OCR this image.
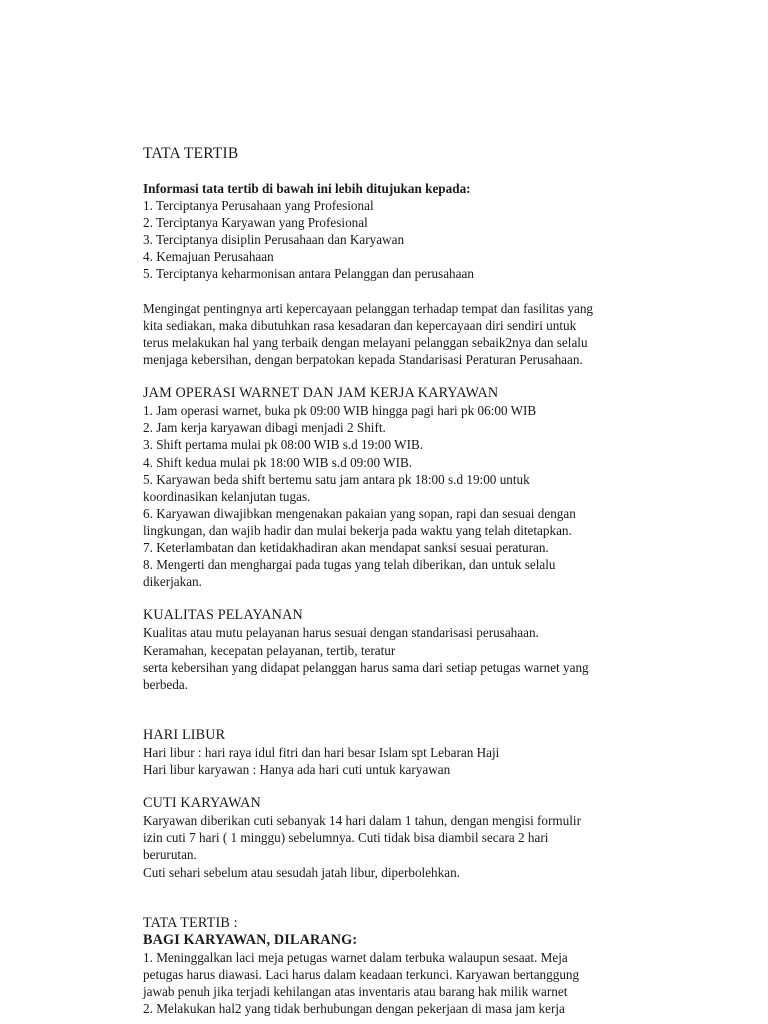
TATA TERTIB
Informasi tata tertib di bawah ini lebih ditujukan kepada:
1. Terciptanya Perusahaan yang Profesional
2. Terciptanya Karyawan yang Profesional
3. Terciptanya disiplin Perusahaan dan Karyawan
4. Kemajuan Perusahaan
5. Terciptanya keharmonisan antara Pelanggan dan perusahaan
Mengingat pentingnya arti kepercayaan pelanggan terhadap tempat dan fasilitas yang
kita sediakan, maka dibutuhkan rasa kesadaran dan kepercayaan diri sendiri untuk
terus melakukan hal yang terbaik dengan melayani pelanggan sebaik2nya dan selalu
menjaga kebersihan, dengan berpatokan kepada Standarisasi Peraturan Perusahaan.
JAM OPERASI WARNET DAN JAM KERJA KARYAWAN
1. Jam operasi warnet, buka pk 09:00 WIB hingga pagi hari pk 06:00 WIB
2. Jam kerja karyawan dibagi menjadi 2 Shift.
3. Shift pertama mulai pk 08:00 WIB s.d 19:00 WIB.
4. Shift kedua mulai pk 18:00 WIB s.d 09:00 WIB.
5. Karyawan beda shift bertemu satu jam antara pk 18:00 s.d 19:00 untuk
koordinasikan kelanjutan tugas.
6. Karyawan diwajibkan mengenakan pakaian yang sopan, rapi dan sesuai dengan
lingkungan, dan wajib hadir dan mulai bekerja pada waktu yang telah ditetapkan.
7. Keterlambatan dan ketidakhadiran akan mendapat sanksi sesuai peraturan.
8. Mengerti dan menghargai pada tugas yang telah diberikan, dan untuk selalu
dikerjakan.
KUALITAS PELAYANAN
Kualitas atau mutu pelayanan harus sesuai dengan standarisasi perusahaan.
Keramahan, kecepatan pelayanan, tertib, teratur
serta kebersihan yang didapat pelanggan harus sama dari setiap petugas warnet yang
berbeda.
HARI LIBUR
Hari libur : hari raya idul fitri dan hari besar Islam spt Lebaran Haji
Hari libur karyawan : Hanya ada hari cuti untuk karyawan
CUTI KARYAWAN
Karyawan diberikan cuti sebanyak 14 hari dalam 1 tahun, dengan mengisi formulir
izin cuti 7 hari ( 1 minggu) sebelumnya. Cuti tidak bisa diambil secara 2 hari
berurutan.
Cuti sehari sebelum atau sesudah jatah libur, diperbolehkan.
TATA TERTIB :
BAGI KARYAWAN, DILARANG:
1. Meninggalkan laci meja petugas warnet dalam terbuka walaupun sesaat. Meja
petugas harus diawasi. Laci harus dalam keadaan terkunci. Karyawan bertanggung
jawab penuh jika terjadi kehilangan atas inventaris atau barang hak milik warnet
2. Melakukan hal2 yang tidak berhubungan dengan pekerjaan di masa jam kerja
